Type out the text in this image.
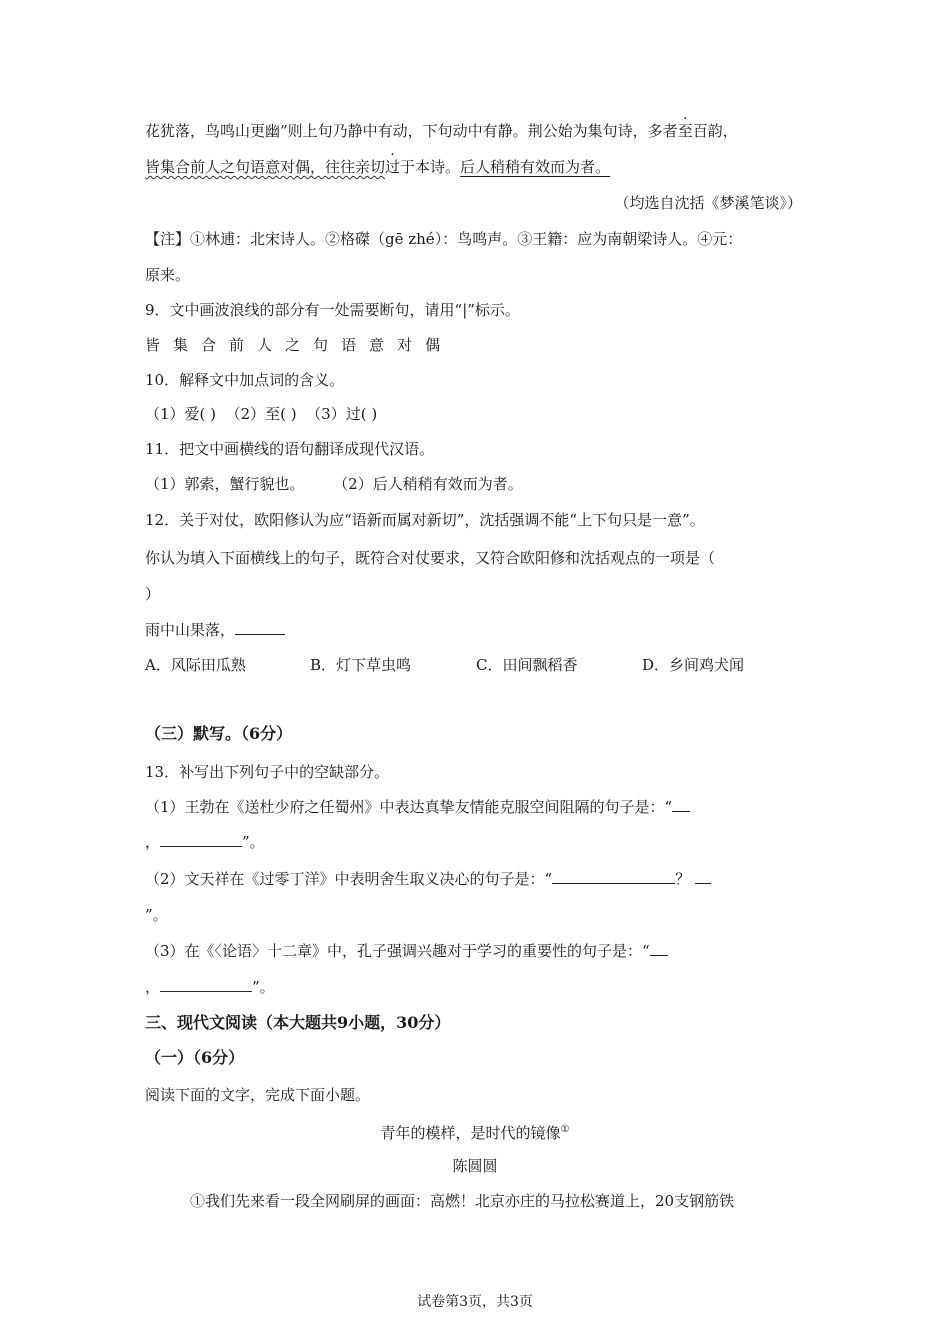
花犹落，鸟鸣山更幽”则上句乃静中有动，下句动中有静。荆公始为集句诗，多者至百韵，
皆集合前人之句语意对偶，往往亲切过于本诗。后人稍稍有效而为者。
（均选自沈括《梦溪笔谈》）
【注】①林逋：北宋诗人。②格磔（gē zhé）：鸟鸣声。③王籍：应为南朝梁诗人。④元：
原来。
9．文中画波浪线的部分有一处需要断句，请用“|”标示。
皆集合前人之句语意对偶
10．解释文中加点词的含义。
（1）爱( ) （2）至( ) （3）过( )
11．把文中画横线的语句翻译成现代汉语。
（1）郭索，蟹行貌也。 （2）后人稍稍有效而为者。
12．关于对仗，欧阳修认为应“语新而属对新切”，沈括强调不能“上下句只是一意”。
你认为填入下面横线上的句子，既符合对仗要求，又符合欧阳修和沈括观点的一项是（
）
雨中山果落，
A．风际田瓜熟	B．灯下草虫鸣	C．田间飘稻香	D．乡间鸡犬闻
（三）默写。（6分）
13．补写出下列句子中的空缺部分。
（1）王勃在《送杜少府之任蜀州》中表达真挚友情能克服空间阻隔的句子是：“
，	”。
（2）文天祥在《过零丁洋》中表明舍生取义决心的句子是：“	？
”。
（3）在《〈论语〉十二章》中，孔子强调兴趣对于学习的重要性的句子是：“
，	”。
三、现代文阅读（本大题共9小题，30分）
（一）（6分）
阅读下面的文字，完成下面小题。
青年的模样，是时代的镜像①
陈圆圆
①我们先来看一段全网刷屏的画面：高燃！北京亦庄的马拉松赛道上，20支钢筋铁
试卷第3页，共3页
